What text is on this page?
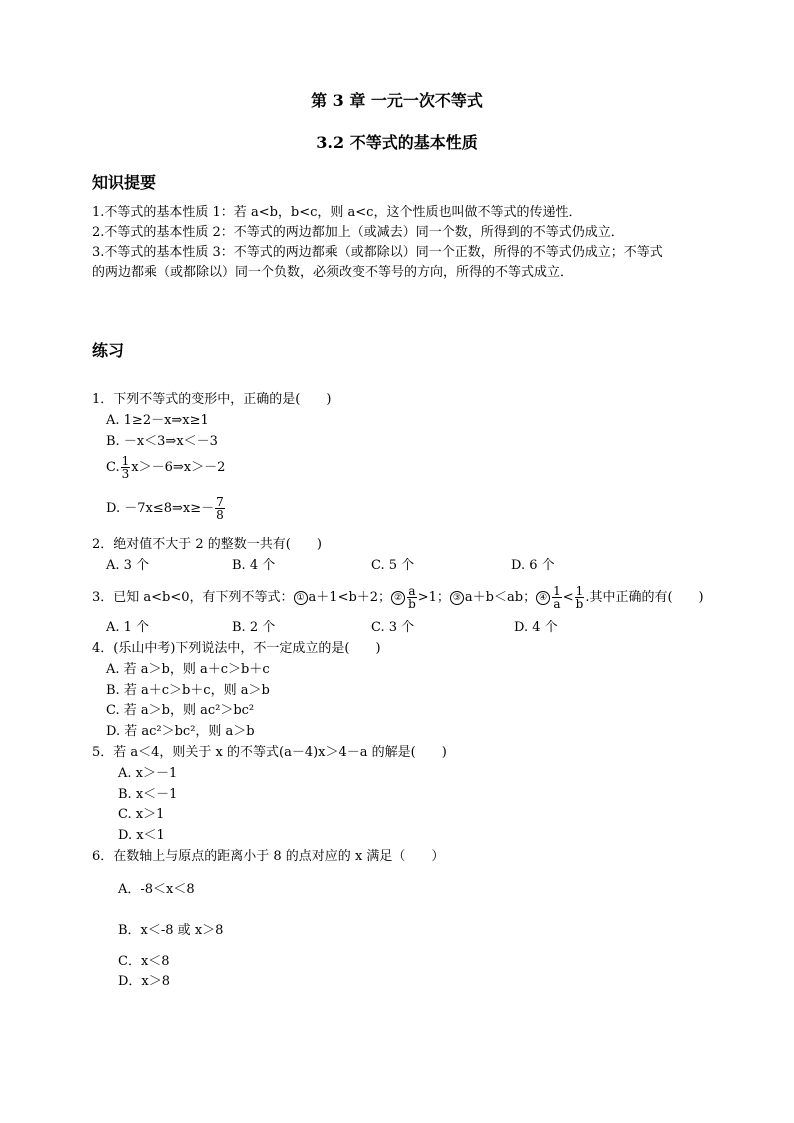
第 3 章 一元一次不等式
3.2 不等式的基本性质
知识提要
1.不等式的基本性质 1：若 a<b，b<c，则 a<c，这个性质也叫做不等式的传递性．
2.不等式的基本性质 2：不等式的两边都加上（或减去）同一个数，所得到的不等式仍成立．
3.不等式的基本性质 3：不等式的两边都乘（或都除以）同一个正数，所得的不等式仍成立；不等式
的两边都乘（或都除以）同一个负数，必须改变不等号的方向，所得的不等式成立．
练习
1．下列不等式的变形中，正确的是(　　)
A. 1≥2－x⇒x≥1
B. －x＜3⇒x＜－3
C. $\frac{1}{3}$ x＞－6⇒x＞－2
D. －7x≤8⇒x≥－ $\frac{7}{8}$
2．绝对值不大于 2 的整数一共有(　　)
A. 3 个	B. 4 个	C. 5 个	D. 6 个
3．已知 a<b<0，有下列不等式： ① a＋1<b＋2； ② $\frac{a}{b} >1$； ③ a＋b＜ab； ④ $\frac{1}{a} < \frac{1}{b}$ .其中正确的有(　　)
A. 1 个	B. 2 个	C. 3 个	D. 4 个
4．(乐山中考)下列说法中，不一定成立的是(　　)
A. 若 a＞b，则 a＋c＞b＋c
B. 若 a＋c＞b＋c，则 a＞b
C. 若 a＞b，则 ac²＞bc²
D. 若 ac²＞bc²，则 a＞b
5．若 a＜4，则关于 x 的不等式(a－4)x＞4－a 的解是(　　)
A. x＞－1
B. x＜－1
C. x＞1
D. x＜1
6．在数轴上与原点的距离小于 8 的点对应的 x 满足（　　）
A．-8＜x＜8
B．x＜-8 或 x＞8
C．x＜8
D．x＞8
